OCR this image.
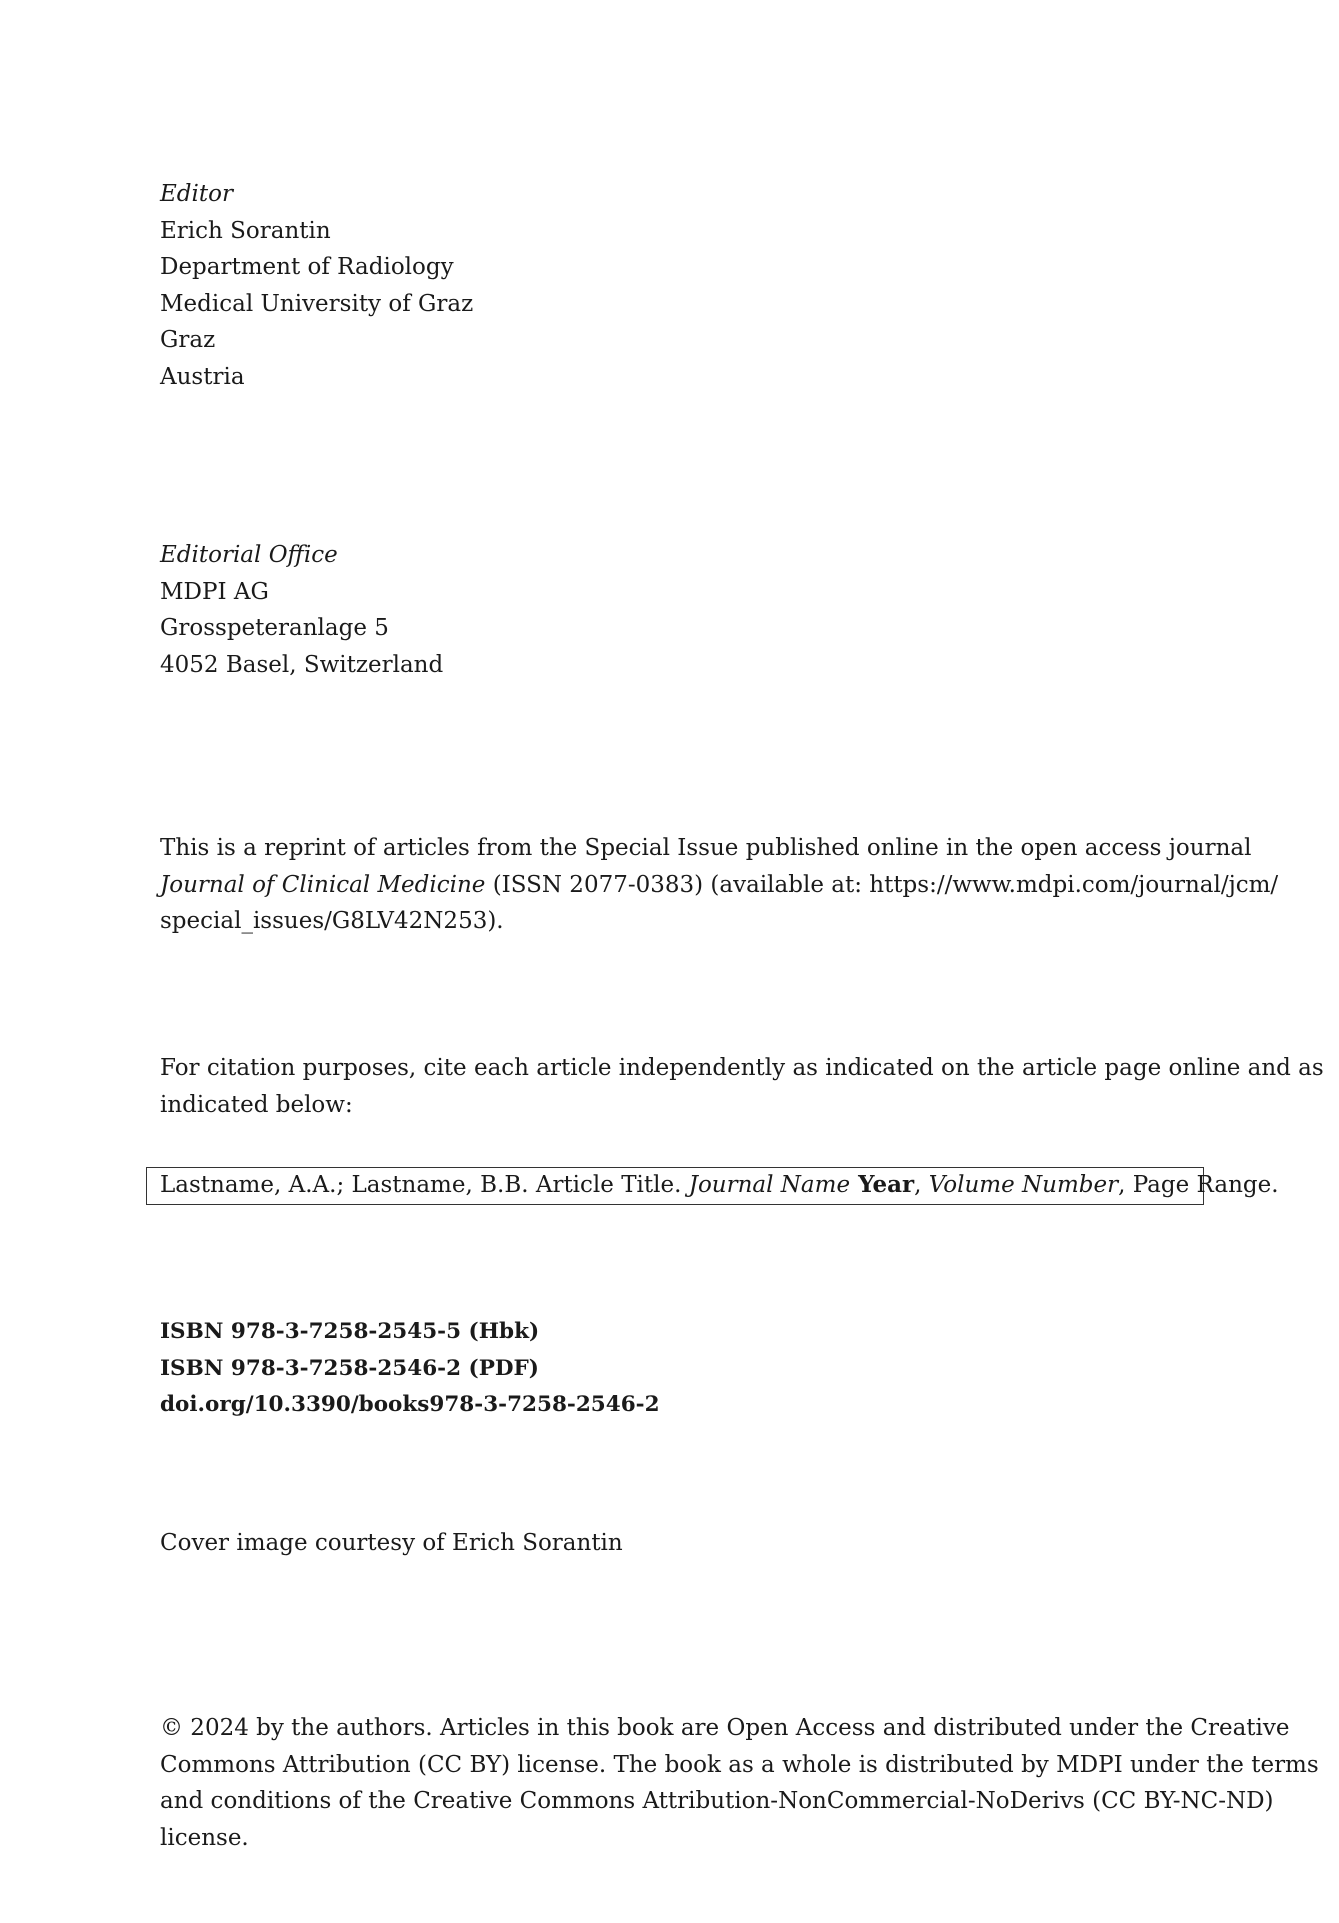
Editor
Erich Sorantin
Department of Radiology
Medical University of Graz
Graz
Austria
Editorial Office
MDPI AG
Grosspeteranlage 5
4052 Basel, Switzerland
This is a reprint of articles from the Special Issue published online in the open access journal
Journal of Clinical Medicine (ISSN 2077-0383) (available at: https://www.mdpi.com/journal/jcm/
special_issues/G8LV42N253).
For citation purposes, cite each article independently as indicated on the article page online and as
indicated below:
Lastname, A.A.; Lastname, B.B. Article Title. Journal Name Year, Volume Number, Page Range.
ISBN 978-3-7258-2545-5 (Hbk)
ISBN 978-3-7258-2546-2 (PDF)
doi.org/10.3390/books978-3-7258-2546-2
Cover image courtesy of Erich Sorantin
© 2024 by the authors. Articles in this book are Open Access and distributed under the Creative
Commons Attribution (CC BY) license. The book as a whole is distributed by MDPI under the terms
and conditions of the Creative Commons Attribution-NonCommercial-NoDerivs (CC BY-NC-ND)
license.
